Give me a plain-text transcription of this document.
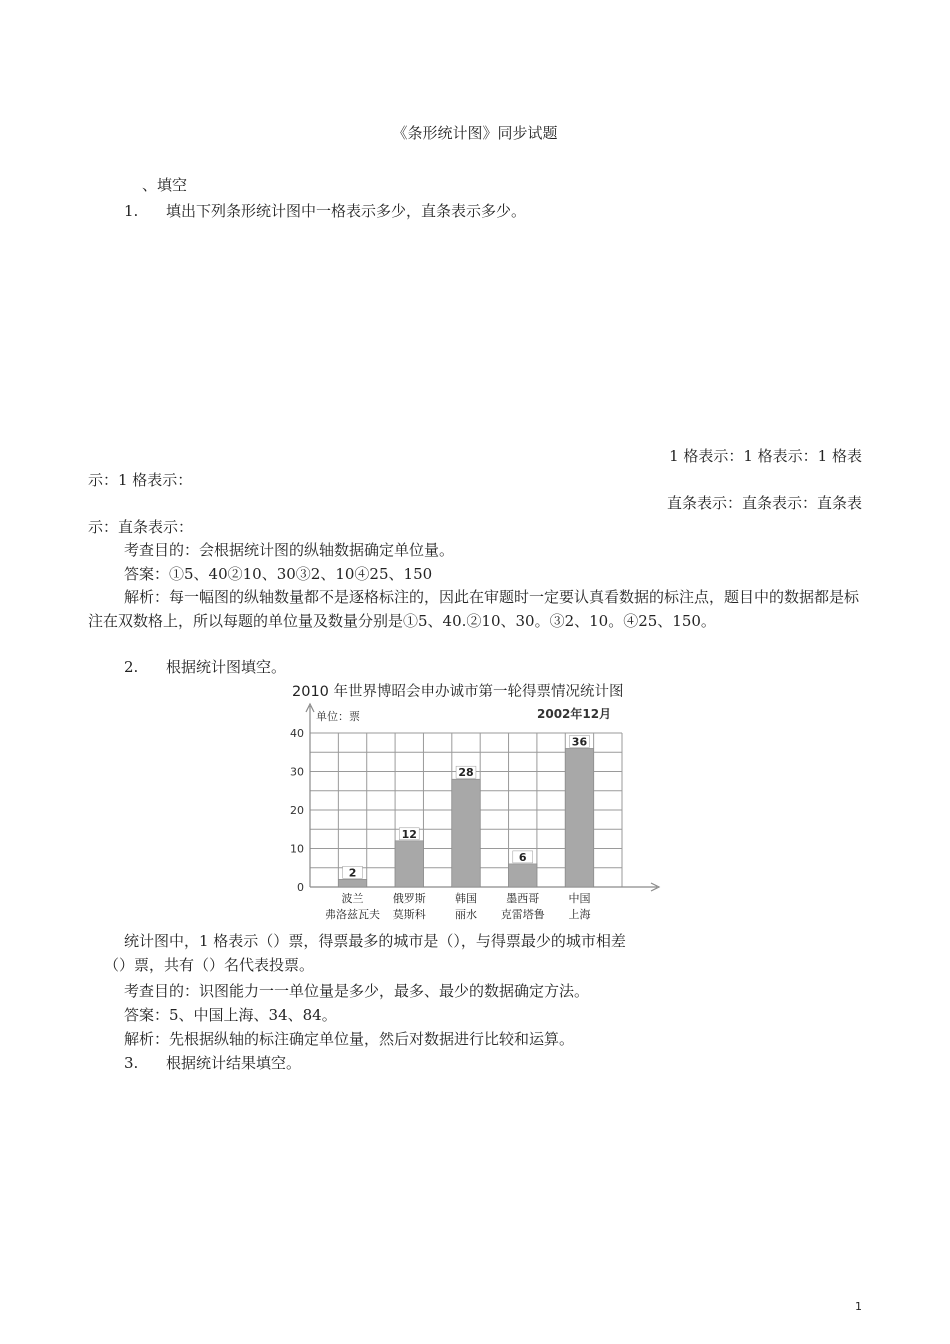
《条形统计图》同步试题
、填空
1. 填出下列条形统计图中一格表示多少，直条表示多少。
1 格表示：1 格表示：1 格表
示：1 格表示：
直条表示：直条表示：直条表
示：直条表示：
考查目的：会根据统计图的纵轴数据确定单位量。
答案：①5、40②10、30③2、10④25、150
解析：每一幅图的纵轴数量都不是逐格标注的，因此在审题时一定要认真看数据的标注点，题目中的数据都是标注在双数格上，所以每题的单位量及数量分别是①5、40.②10、30。③2、10。④25、150。
2. 根据统计图填空。
2010 年世界博昭会申办诚市第一轮得票情况统计图
单位：票	2002年12月
0
10
20
30
40
2
波兰
弗洛兹瓦夫
12
俄罗斯
莫斯科
28
韩国
丽水
6
墨西哥
克雷塔鲁
36
中国
上海
统计图中，1 格表示（）票，得票最多的城市是（），与得票最少的城市相差
（）票，共有（）名代表投票。
考查目的：识图能力一一单位量是多少，最多、最少的数据确定方法。
答案：5、中国上海、34、84。
解析：先根据纵轴的标注确定单位量，然后对数据进行比较和运算。
3. 根据统计结果填空。
1
